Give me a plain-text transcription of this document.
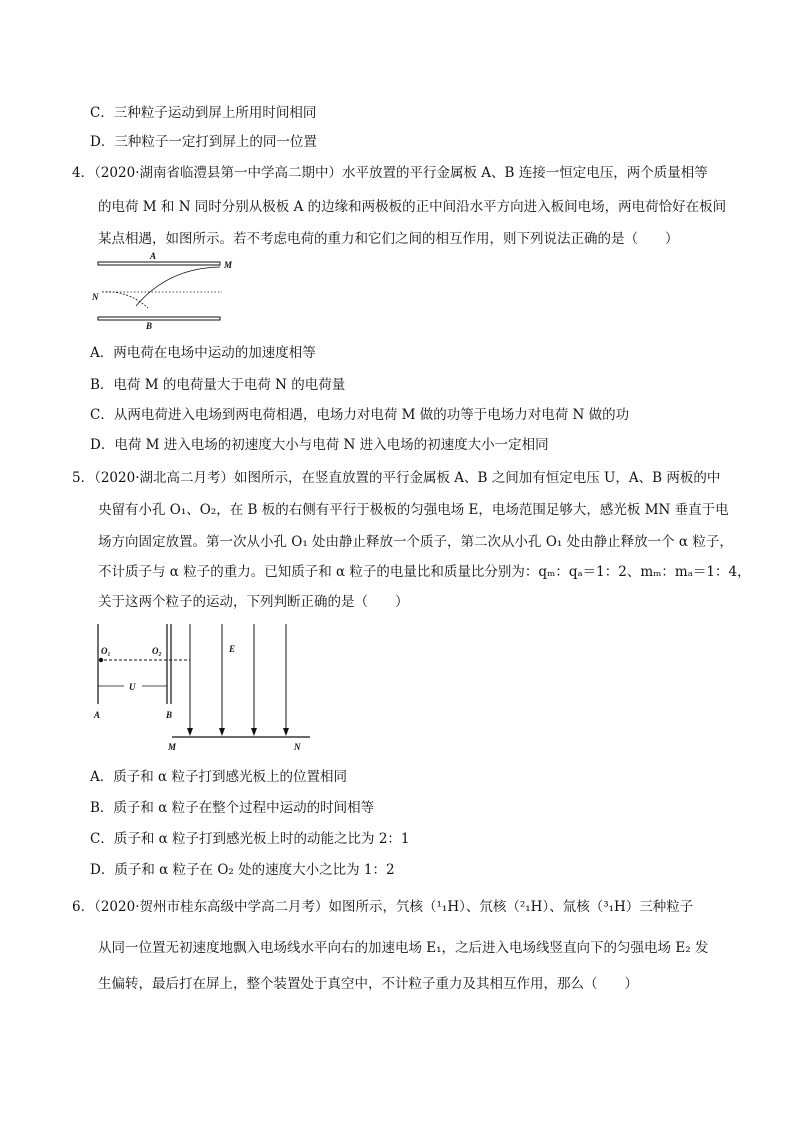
C．三种粒子运动到屏上所用时间相同
D．三种粒子一定打到屏上的同一位置
4．（2020·湖南省临澧县第一中学高二期中）水平放置的平行金属板 A、B 连接一恒定电压，两个质量相等
的电荷 M 和 N 同时分别从极板 A 的边缘和两极板的正中间沿水平方向进入板间电场，两电荷恰好在板间
某点相遇，如图所示。若不考虑电荷的重力和它们之间的相互作用，则下列说法正确的是（　　）
A
M
N
B
A．两电荷在电场中运动的加速度相等
B．电荷 M 的电荷量大于电荷 N 的电荷量
C．从两电荷进入电场到两电荷相遇，电场力对电荷 M 做的功等于电场力对电荷 N 做的功
D．电荷 M 进入电场的初速度大小与电荷 N 进入电场的初速度大小一定相同
5．（2020·湖北高二月考）如图所示，在竖直放置的平行金属板 A、B 之间加有恒定电压 U，A、B 两板的中
央留有小孔 O₁、O₂，在 B 板的右侧有平行于极板的匀强电场 E，电场范围足够大，感光板 MN 垂直于电
场方向固定放置。第一次从小孔 O₁ 处由静止释放一个质子，第二次从小孔 O₁ 处由静止释放一个 α 粒子，
不计质子与 α 粒子的重力。已知质子和 α 粒子的电量比和质量比分别为：qₘ：qₐ＝1：2、mₘ：mₐ＝1：4，
关于这两个粒子的运动，下列判断正确的是（　　）
O₁	O₂
U
A	B
E
M	N
A．质子和 α 粒子打到感光板上的位置相同
B．质子和 α 粒子在整个过程中运动的时间相等
C．质子和 α 粒子打到感光板上时的动能之比为 2：1
D．质子和 α 粒子在 O₂ 处的速度大小之比为 1：2
6．（2020·贺州市桂东高级中学高二月考）如图所示，氕核（¹₁H）、氘核（²₁H）、氚核（³₁H）三种粒子
从同一位置无初速度地飘入电场线水平向右的加速电场 E₁，之后进入电场线竖直向下的匀强电场 E₂ 发
生偏转，最后打在屏上，整个装置处于真空中，不计粒子重力及其相互作用，那么（　　）
